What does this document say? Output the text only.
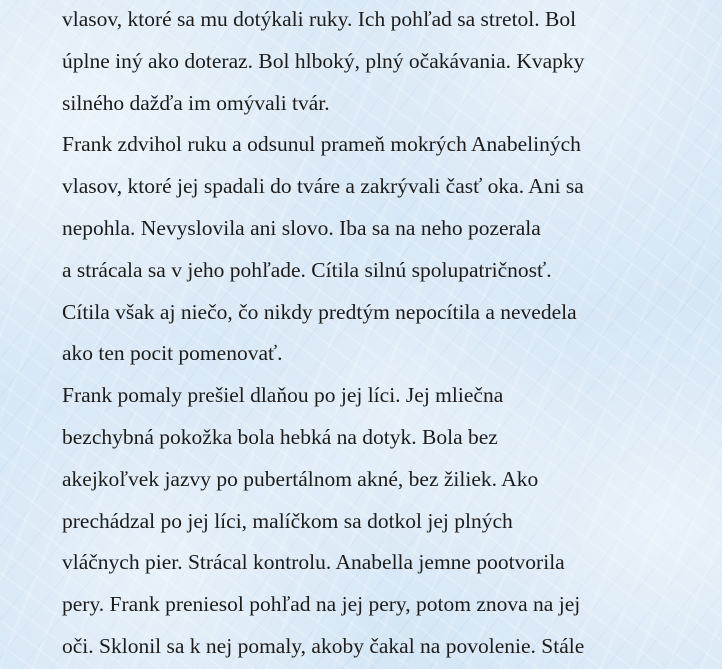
vlasov, ktoré sa mu dotýkali ruky. Ich pohľad sa stretol. Bol
úplne iný ako doteraz. Bol hlboký, plný očakávania. Kvapky
silného dažďa im omývali tvár.
Frank zdvihol ruku a odsunul prameň mokrých Anabeliných
vlasov, ktoré jej spadali do tváre a zakrývali časť oka. Ani sa
nepohla. Nevyslovila ani slovo. Iba sa na neho pozerala
a strácala sa v jeho pohľade. Cítila silnú spolupatričnosť.
Cítila však aj niečo, čo nikdy predtým nepocítila a nevedela
ako ten pocit pomenovať.
Frank pomaly prešiel dlaňou po jej líci. Jej mliečna
bezchybná pokožka bola hebká na dotyk. Bola bez
akejkoľvek jazvy po pubertálnom akné, bez žiliek. Ako
prechádzal po jej líci, malíčkom sa dotkol jej plných
vláčnych pier. Strácal kontrolu. Anabella jemne pootvorila
pery. Frank preniesol pohľad na jej pery, potom znova na jej
oči. Sklonil sa k nej pomaly, akoby čakal na povolenie. Stále
